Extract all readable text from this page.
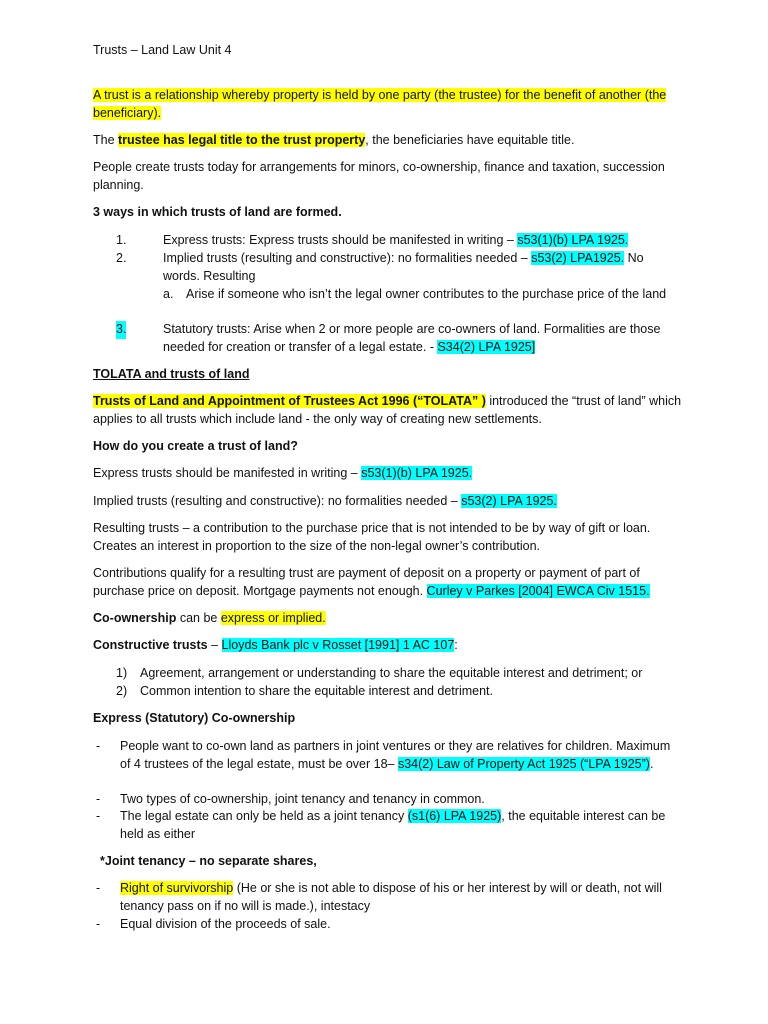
Trusts – Land Law Unit 4
A trust is a relationship whereby property is held by one party (the trustee) for the benefit of another (the beneficiary).
The trustee has legal title to the trust property, the beneficiaries have equitable title.
People create trusts today for arrangements for minors, co-ownership, finance and taxation, succession planning.
3 ways in which trusts of land are formed.
1.	Express trusts: Express trusts should be manifested in writing – s53(1)(b) LPA 1925.
2.	Implied trusts (resulting and constructive): no formalities needed – s53(2) LPA1925. No words. Resulting
a. Arise if someone who isn’t the legal owner contributes to the purchase price of the land
3.	Statutory trusts: Arise when 2 or more people are co-owners of land. Formalities are those needed for creation or transfer of a legal estate. - S34(2) LPA 1925]
TOLATA and trusts of land
Trusts of Land and Appointment of Trustees Act 1996 (“TOLATA” ) introduced the “trust of land” which applies to all trusts which include land - the only way of creating new settlements.
How do you create a trust of land?
Express trusts should be manifested in writing – s53(1)(b) LPA 1925.
Implied trusts (resulting and constructive): no formalities needed – s53(2) LPA 1925.
Resulting trusts – a contribution to the purchase price that is not intended to be by way of gift or loan. Creates an interest in proportion to the size of the non-legal owner’s contribution.
Contributions qualify for a resulting trust are payment of deposit on a property or payment of part of purchase price on deposit. Mortgage payments not enough. Curley v Parkes [2004] EWCA Civ 1515.
Co-ownership can be express or implied.
Constructive trusts – Lloyds Bank plc v Rosset [1991] 1 AC 107:
1) Agreement, arrangement or understanding to share the equitable interest and detriment; or
2) Common intention to share the equitable interest and detriment.
Express (Statutory) Co-ownership
- People want to co-own land as partners in joint ventures or they are relatives for children. Maximum of 4 trustees of the legal estate, must be over 18– s34(2) Law of Property Act 1925 (“LPA 1925”).
- Two types of co-ownership, joint tenancy and tenancy in common.
- The legal estate can only be held as a joint tenancy (s1(6) LPA 1925), the equitable interest can be held as either
*Joint tenancy – no separate shares,
- Right of survivorship (He or she is not able to dispose of his or her interest by will or death, not will tenancy pass on if no will is made.), intestacy
- Equal division of the proceeds of sale.
